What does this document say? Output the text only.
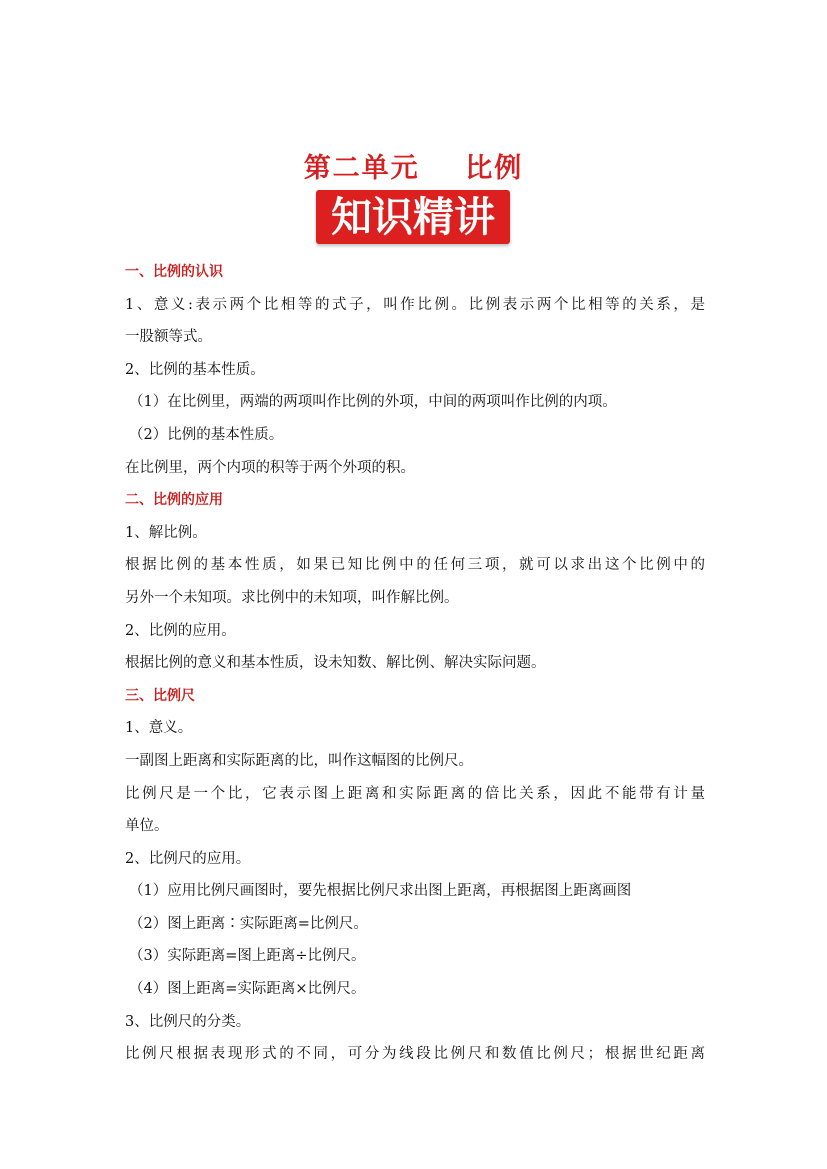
第二单元    比例
知识精讲
一、比例的认识
1、意义:表示两个比相等的式子，叫作比例。比例表示两个比相等的关系，是
一股额等式。
2、比例的基本性质。
（1）在比例里，两端的两项叫作比例的外项，中间的两项叫作比例的内项。
（2）比例的基本性质。
在比例里，两个内项的积等于两个外项的积。
二、比例的应用
1、解比例。
根据比例的基本性质，如果已知比例中的任何三项，就可以求出这个比例中的
另外一个未知项。求比例中的未知项，叫作解比例。
2、比例的应用。
根据比例的意义和基本性质，设未知数、解比例、解决实际问题。
三、比例尺
1、意义。
一副图上距离和实际距离的比，叫作这幅图的比例尺。
比例尺是一个比，它表示图上距离和实际距离的倍比关系，因此不能带有计量
单位。
2、比例尺的应用。
（1）应用比例尺画图时，要先根据比例尺求出图上距离，再根据图上距离画图
（2）图上距离∶实际距离=比例尺。
（3）实际距离=图上距离÷比例尺。
（4）图上距离=实际距离×比例尺。
3、比例尺的分类。
比例尺根据表现形式的不同，可分为线段比例尺和数值比例尺；根据世纪距离
